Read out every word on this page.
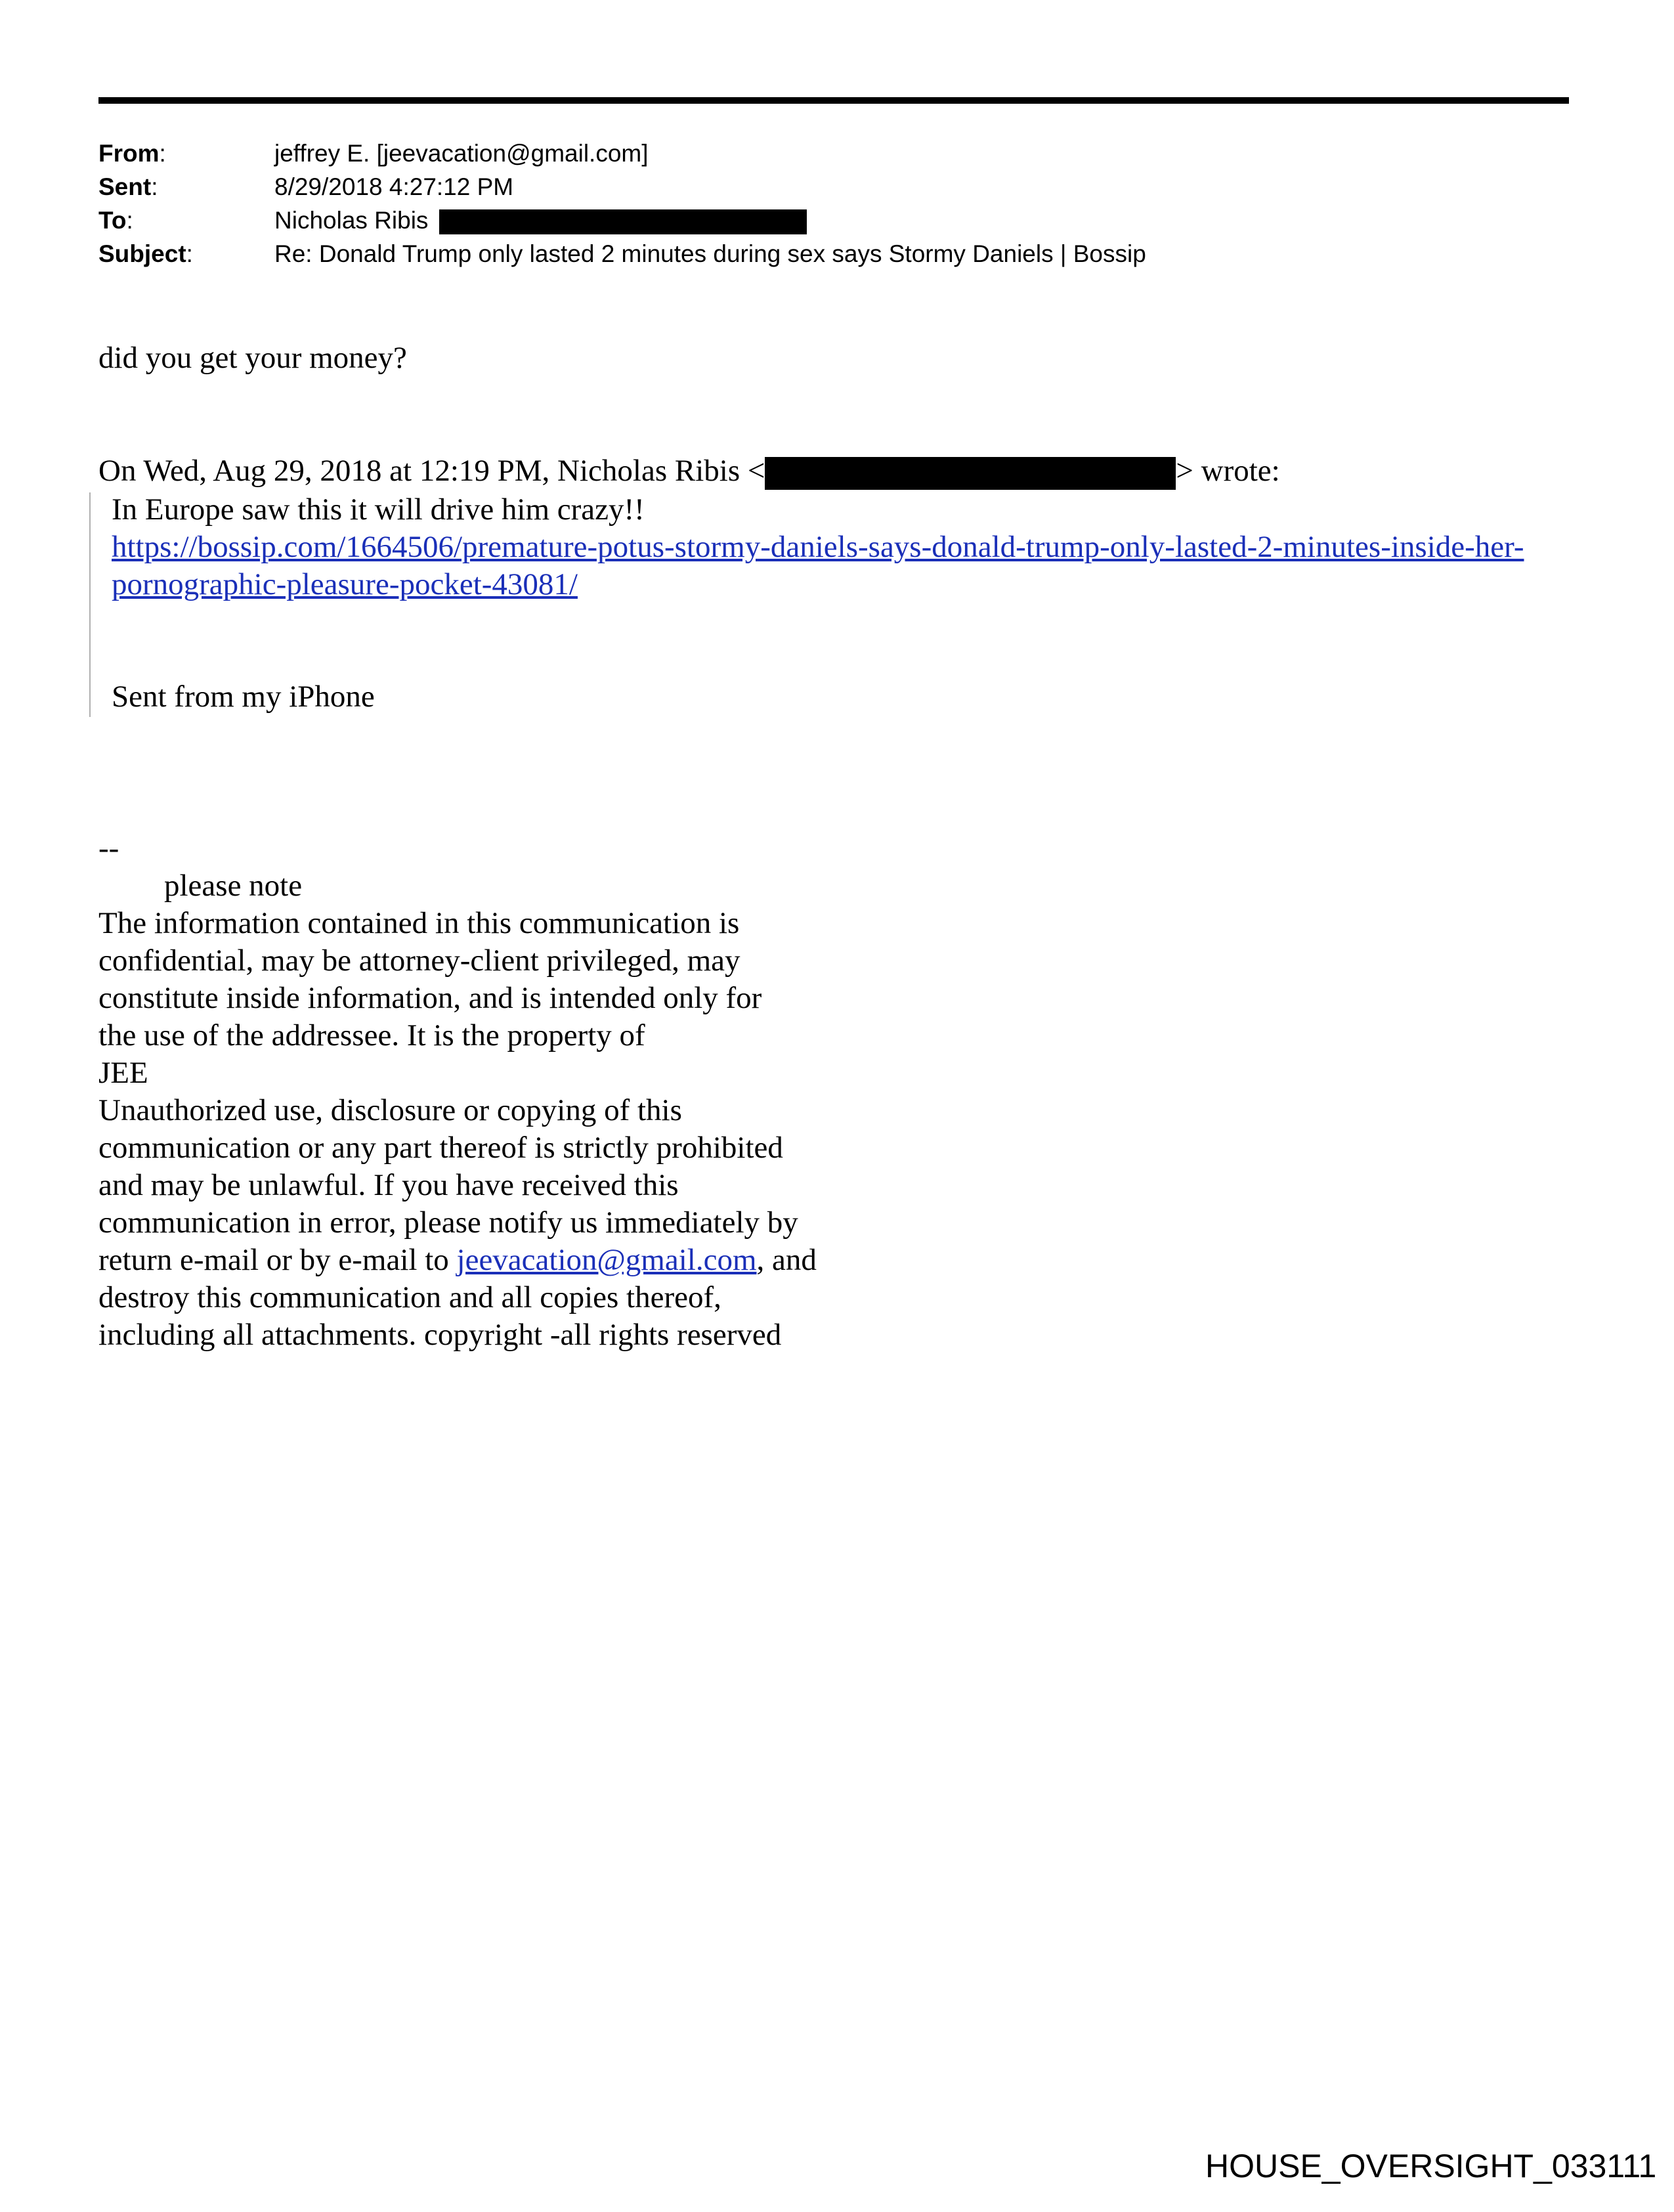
From:	jeffrey E. [jeevacation@gmail.com]
Sent:	8/29/2018 4:27:12 PM
To:	Nicholas Ribis
Subject:	Re: Donald Trump only lasted 2 minutes during sex says Stormy Daniels | Bossip
did you get your money?
On Wed, Aug 29, 2018 at 12:19 PM, Nicholas Ribis <	> wrote:
In Europe saw this it will drive him crazy!!
https://bossip.com/1664506/premature-potus-stormy-daniels-says-donald-trump-only-lasted-2-minutes-inside-her-pornographic-pleasure-pocket-43081/
Sent from my iPhone
--
please note
The information contained in this communication is
confidential, may be attorney-client privileged, may
constitute inside information, and is intended only for
the use of the addressee. It is the property of
JEE
Unauthorized use, disclosure or copying of this
communication or any part thereof is strictly prohibited
and may be unlawful. If you have received this
communication in error, please notify us immediately by
return e-mail or by e-mail to jeevacation@gmail.com, and
destroy this communication and all copies thereof,
including all attachments. copyright -all rights reserved
HOUSE_OVERSIGHT_033111
